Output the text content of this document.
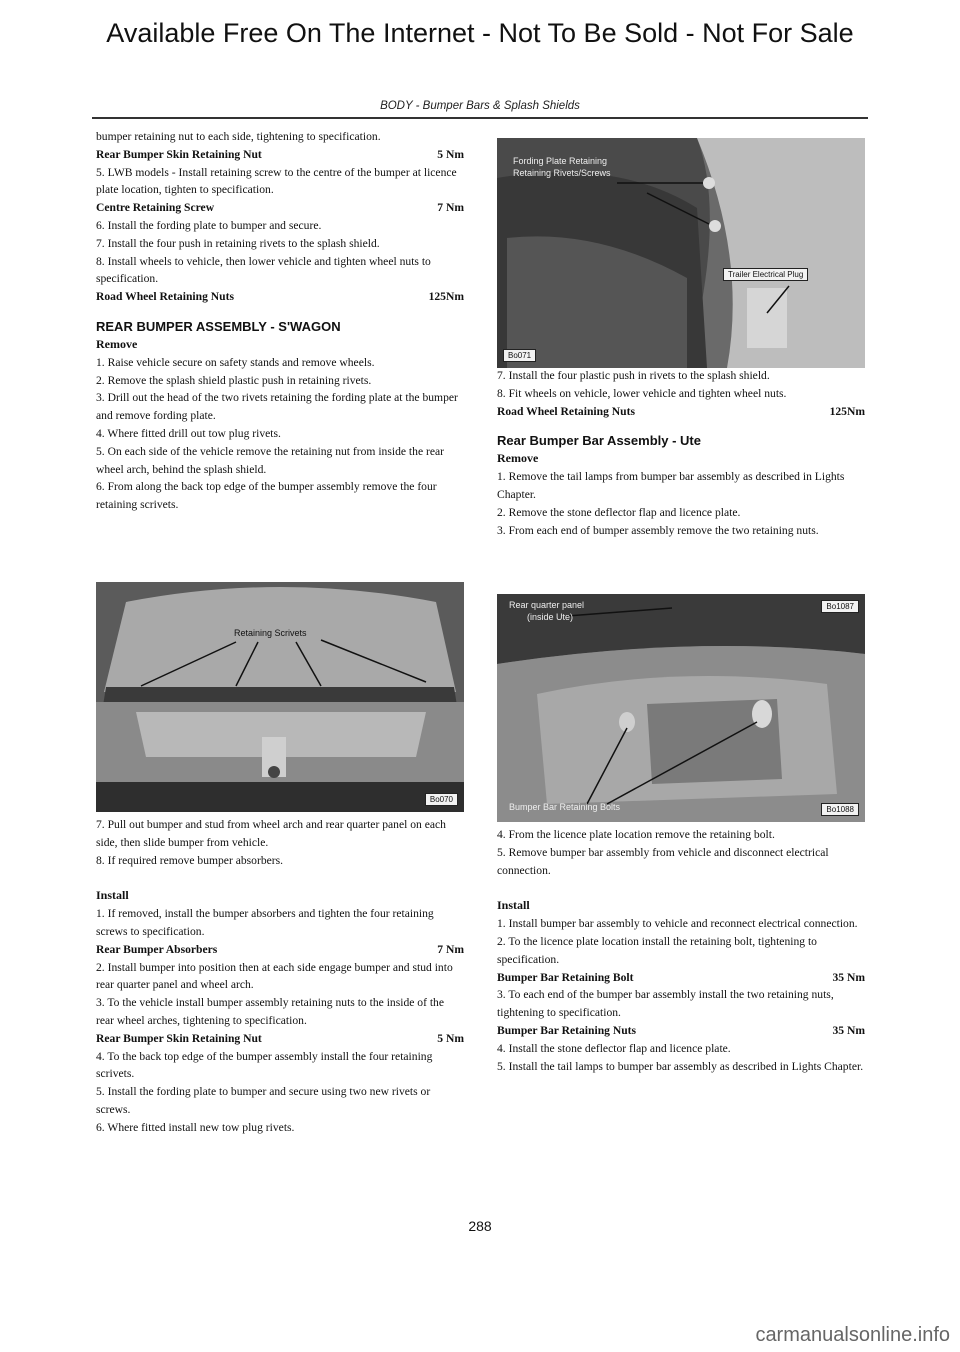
Available Free On The Internet - Not To Be Sold - Not For Sale
BODY - Bumper Bars & Splash Shields

bumper retaining nut to each side, tightening to specification.

Rear Bumper Skin Retaining Nut	5 Nm

5. LWB models - Install retaining screw to the centre of the bumper at licence plate location, tighten to specification.

Centre Retaining Screw	7 Nm

6. Install the fording plate to bumper and secure.

7. Install the four push in retaining rivets to the splash shield.

8. Install wheels to vehicle, then lower vehicle and tighten wheel nuts to specification.

Road Wheel Retaining Nuts	125Nm

REAR BUMPER ASSEMBLY - S'WAGON

Remove

1. Raise vehicle secure on safety stands and remove wheels.

2. Remove the splash shield plastic push in retaining rivets.

3. Drill out the head of the two rivets retaining the fording plate at the bumper and remove fording plate.

4. Where fitted drill out tow plug rivets.

5. On each side of the vehicle remove the retaining nut from inside the rear wheel arch, behind the splash shield.

6. From along the back top edge of the bumper assembly remove the four retaining scrivets.

Retaining Scrivets
Bo070

7. Pull out bumper and stud from wheel arch and rear quarter panel on each side, then slide bumper from vehicle.

8. If required remove bumper absorbers.

Install

1. If removed, install the bumper absorbers and tighten the four retaining screws to specification.

Rear Bumper Absorbers	7 Nm

2. Install bumper into position then at each side engage bumper and stud into rear quarter panel and wheel arch.

3. To the vehicle install bumper assembly retaining nuts to the inside of the rear wheel arches, tightening to specification.

Rear Bumper Skin Retaining Nut	5 Nm

4. To the back top edge of the bumper assembly install the four retaining scrivets.

5. Install the fording plate to bumper and secure using two new rivets or screws.

6. Where fitted install new tow plug rivets.

Fording Plate Retaining
Retaining Rivets/Screws
Trailer Electrical Plug
Bo071

7. Install the four plastic push in rivets to the splash shield.

8. Fit wheels on vehicle, lower vehicle and tighten wheel nuts.

Road Wheel Retaining Nuts	125Nm

Rear Bumper Bar Assembly - Ute

Remove

1. Remove the tail lamps from bumper bar assembly as described in Lights Chapter.

2. Remove the stone deflector flap and licence plate.

3. From each end of bumper assembly remove the two retaining nuts.

Rear quarter panel
(inside Ute)
Bumper Bar Retaining Bolts
Bo1087
Bo1088

4. From the licence plate location remove the retaining bolt.

5. Remove bumper bar assembly from vehicle and disconnect electrical connection.

Install

1. Install bumper bar assembly to vehicle and reconnect electrical connection.

2. To the licence plate location install the retaining bolt, tightening to specification.

Bumper Bar Retaining Bolt	35 Nm

3. To each end of the bumper bar assembly install the two retaining nuts, tightening to specification.

Bumper Bar Retaining Nuts	35 Nm

4. Install the stone deflector flap and licence plate.

5. Install the tail lamps to bumper bar assembly as described in Lights Chapter.

288
carmanualsonline.info
